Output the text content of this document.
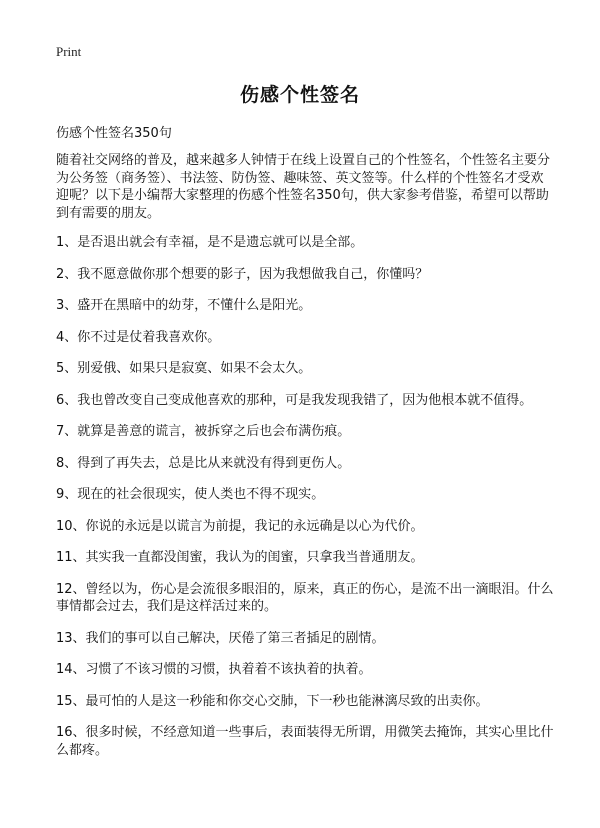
Print
伤感个性签名

伤感个性签名350句

随着社交网络的普及，越来越多人钟情于在线上设置自己的个性签名，个性签名主要分为公务签（商务签）、书法签、防伪签、趣味签、英文签等。什么样的个性签名才受欢迎呢？以下是小编帮大家整理的伤感个性签名350句，供大家参考借鉴，希望可以帮助到有需要的朋友。

1、是否退出就会有幸福，是不是遗忘就可以是全部。
2、我不愿意做你那个想要的影子，因为我想做我自己，你懂吗？
3、盛开在黑暗中的幼芽，不懂什么是阳光。
4、你不过是仗着我喜欢你。
5、别爱俄、如果只是寂寞、如果不会太久。
6、我也曾改变自己变成他喜欢的那种，可是我发现我错了，因为他根本就不值得。
7、就算是善意的谎言，被拆穿之后也会布满伤痕。
8、得到了再失去，总是比从来就没有得到更伤人。
9、现在的社会很现实，使人类也不得不现实。
10、你说的永远是以谎言为前提，我记的永远确是以心为代价。
11、其实我一直都没闺蜜，我认为的闺蜜，只拿我当普通朋友。
12、曾经以为，伤心是会流很多眼泪的，原来，真正的伤心，是流不出一滴眼泪。什么事情都会过去，我们是这样活过来的。
13、我们的事可以自己解决，厌倦了第三者插足的剧情。
14、习惯了不该习惯的习惯，执着着不该执着的执着。
15、最可怕的人是这一秒能和你交心交肺，下一秒也能淋漓尽致的出卖你。
16、很多时候，不经意知道一些事后，表面装得无所谓，用微笑去掩饰，其实心里比什么都疼。
